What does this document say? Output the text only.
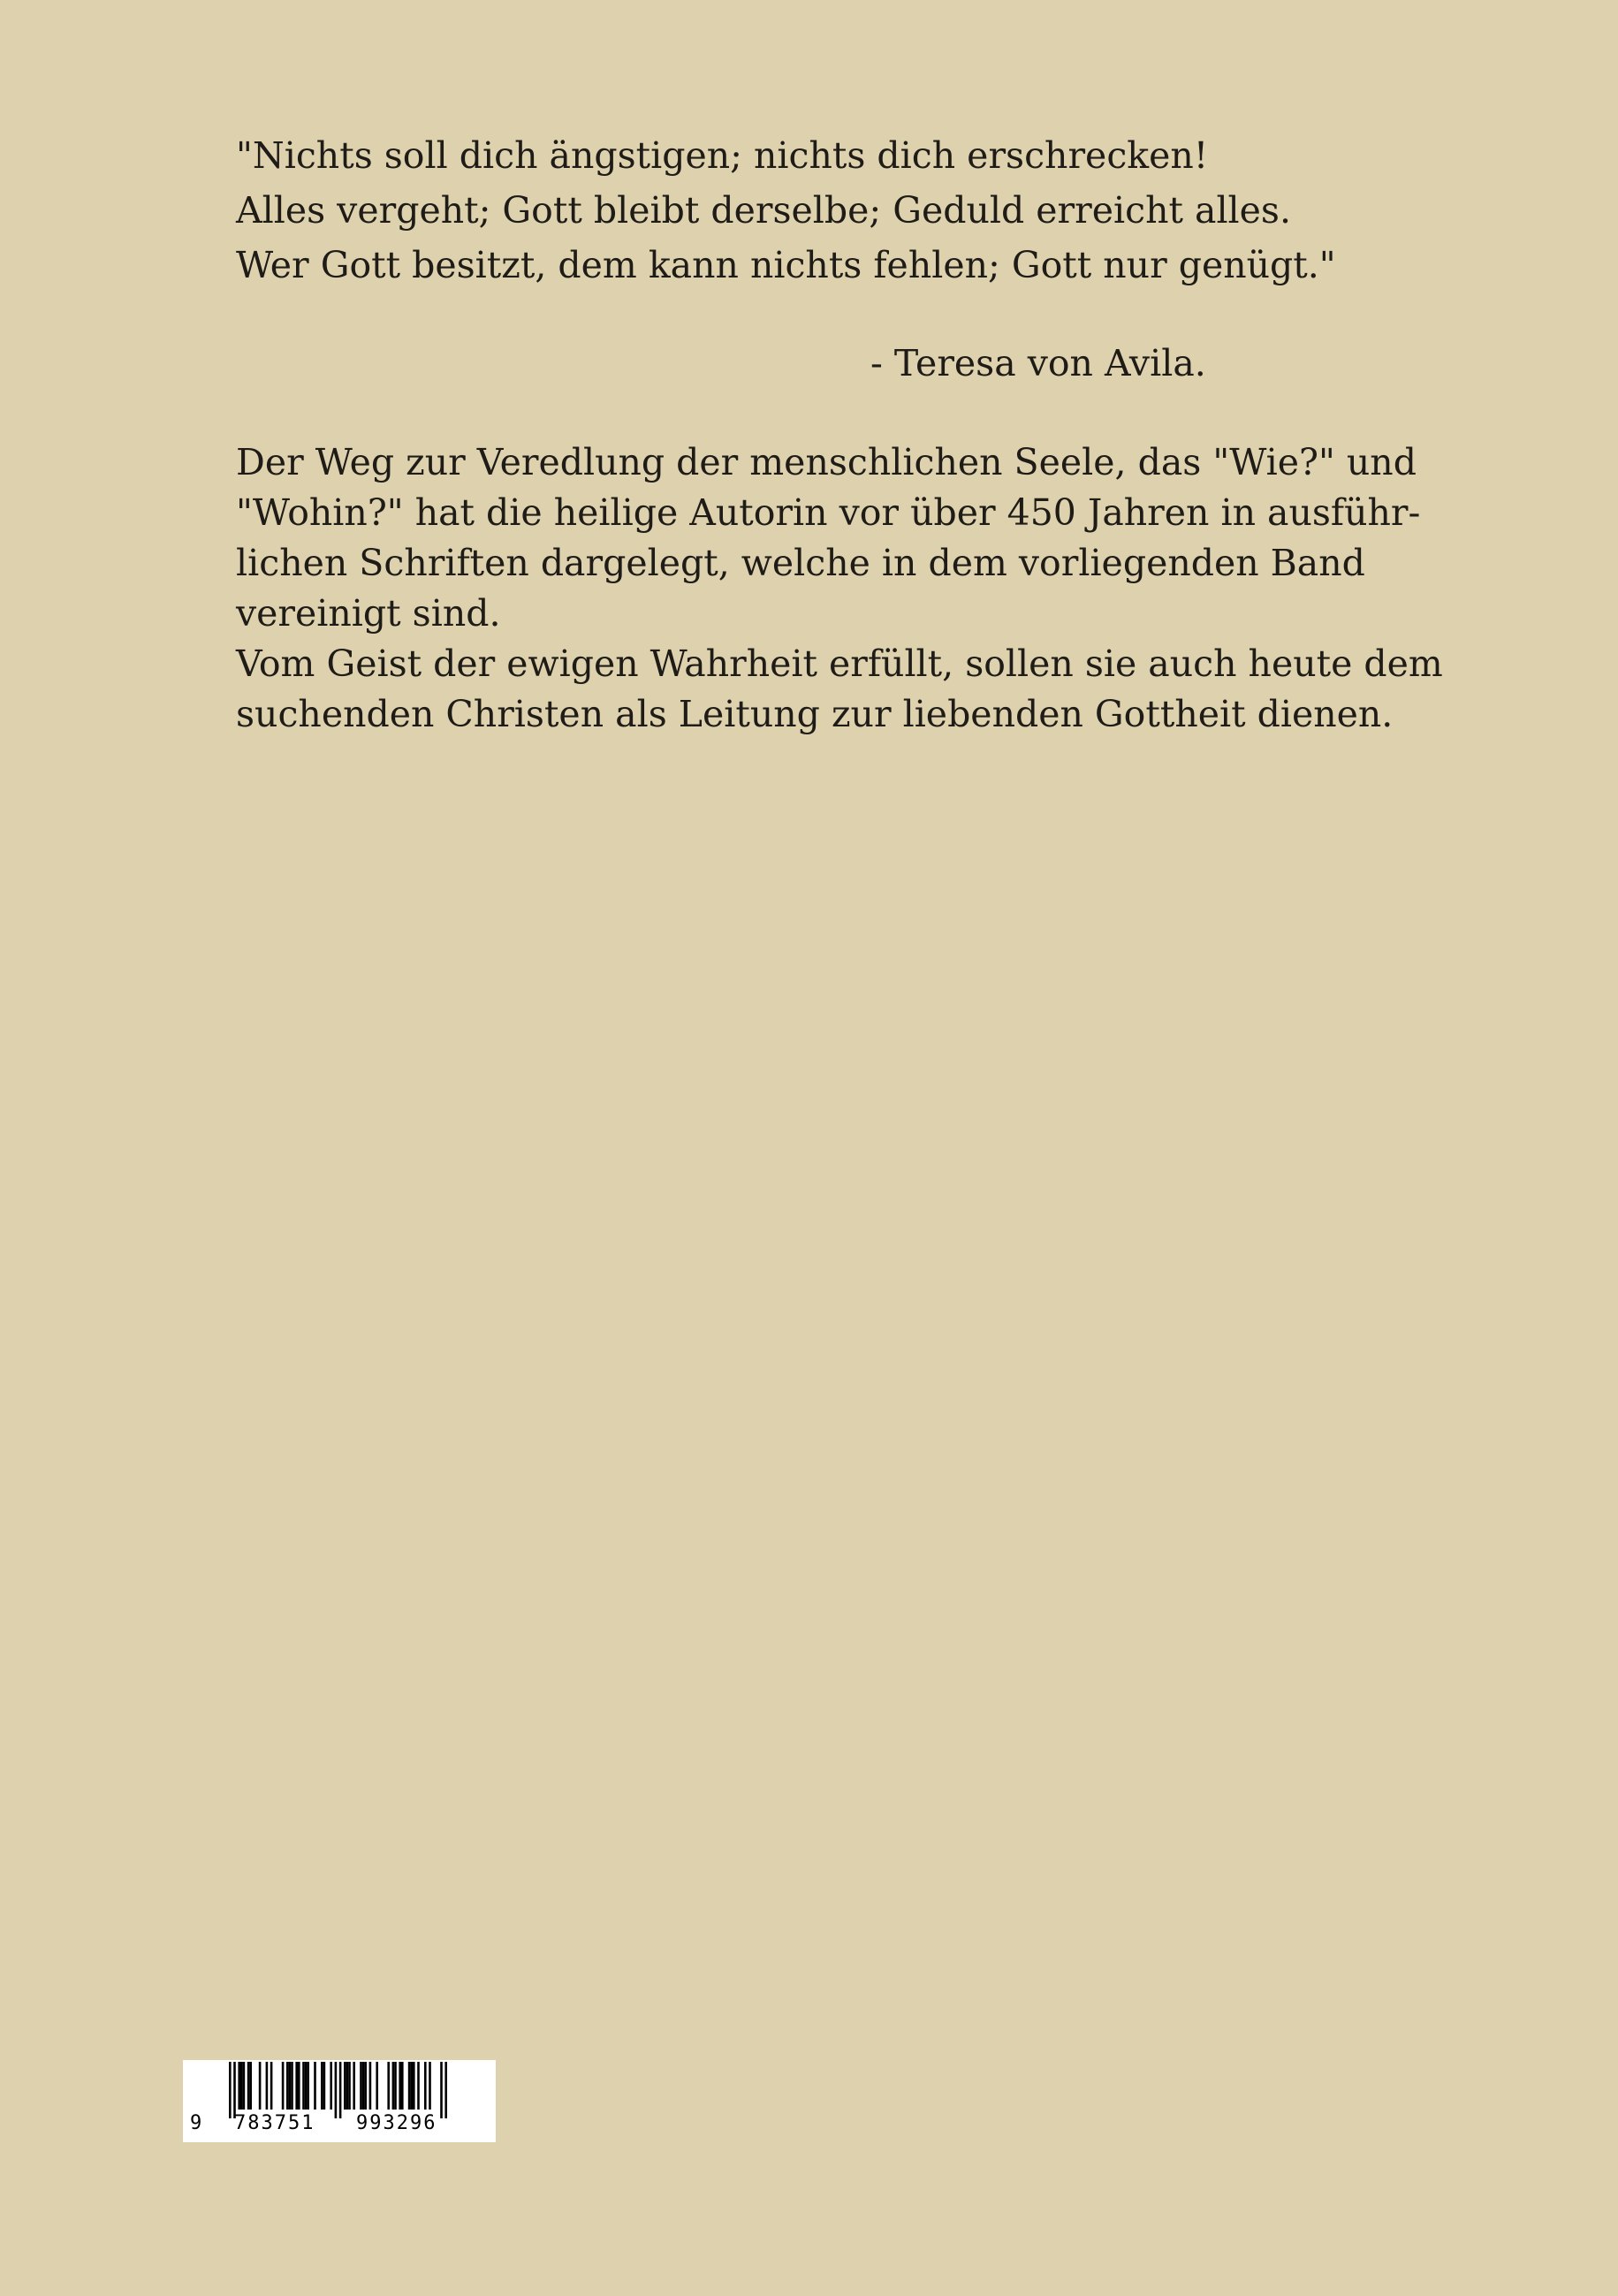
"Nichts soll dich ängstigen; nichts dich erschrecken!
Alles vergeht; Gott bleibt derselbe; Geduld erreicht alles.
Wer Gott besitzt, dem kann nichts fehlen; Gott nur genügt."
- Teresa von Avila.
Der Weg zur Veredlung der menschlichen Seele, das "Wie?" und
"Wohin?" hat die heilige Autorin vor über 450 Jahren in ausführ-
lichen Schriften dargelegt, welche in dem vorliegenden Band
vereinigt sind.
Vom Geist der ewigen Wahrheit erfüllt, sollen sie auch heute dem
suchenden Christen als Leitung zur liebenden Gottheit dienen.
9 783751 993296
